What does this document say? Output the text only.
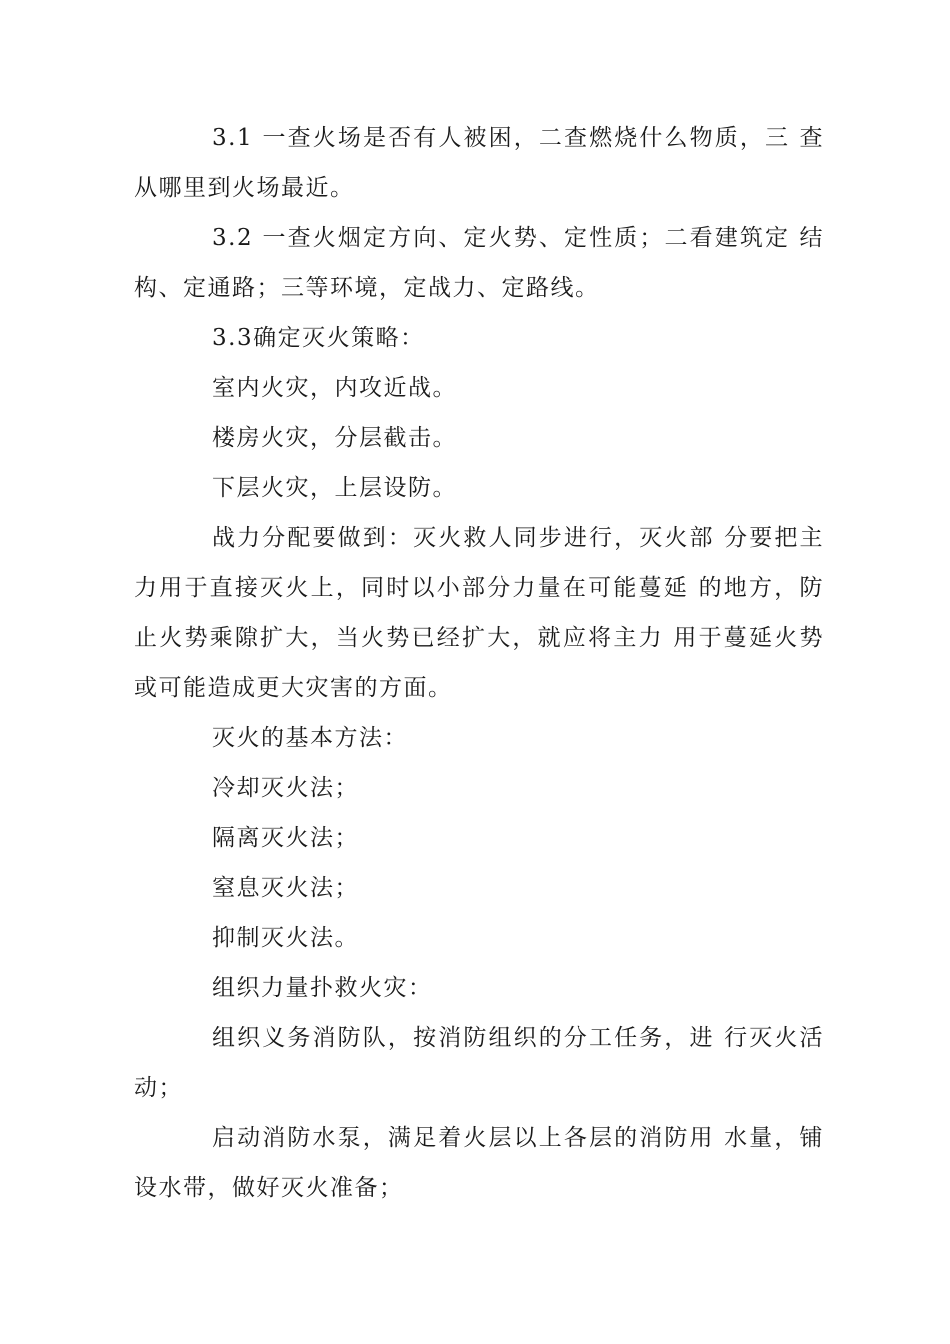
3.1 一查火场是否有人被困，二查燃烧什么物质，三 查从哪里到火场最近。

3.2 一查火烟定方向、定火势、定性质；二看建筑定 结构、定通路；三等环境，定战力、定路线。

3.3确定灭火策略：

室内火灾，内攻近战。

楼房火灾，分层截击。

下层火灾，上层设防。

战力分配要做到：灭火救人同步进行，灭火部 分要把主力用于直接灭火上，同时以小部分力量在可能蔓延 的地方，防止火势乘隙扩大，当火势已经扩大，就应将主力 用于蔓延火势或可能造成更大灾害的方面。

灭火的基本方法：

冷却灭火法；

隔离灭火法；

窒息灭火法；

抑制灭火法。

组织力量扑救火灾：

组织义务消防队，按消防组织的分工任务，进 行灭火活动；

启动消防水泵，满足着火层以上各层的消防用 水量，铺设水带，做好灭火准备；
